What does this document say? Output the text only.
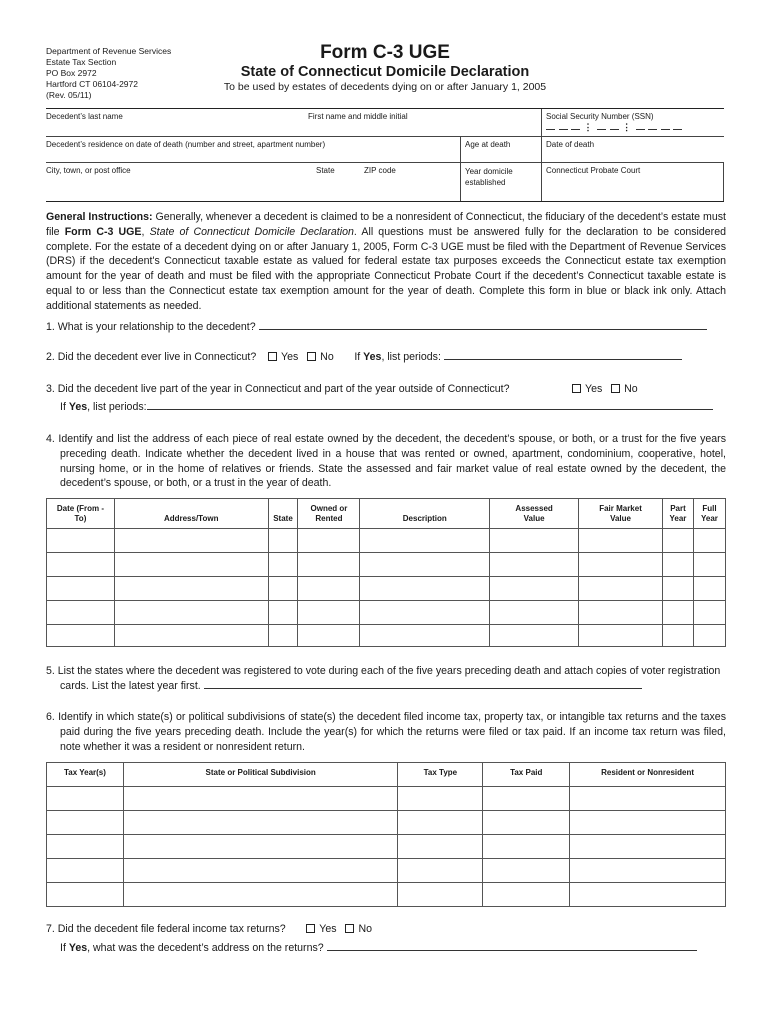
Department of Revenue Services
Estate Tax Section
PO Box 2972
Hartford CT 06104-2972
(Rev. 05/11)
Form C-3 UGE
State of Connecticut Domicile Declaration
To be used by estates of decedents dying on or after January 1, 2005
Decedent’s last name	First name and middle initial	Social Security Number (SSN)
⋮	⋮
Decedent’s residence on date of death (number and street, apartment number)	Age at death	Date of death
City, town, or post office	State	ZIP code	Year domicile established
Connecticut Probate Court
General Instructions: Generally, whenever a decedent is claimed to be a nonresident of Connecticut, the fiduciary of the decedent’s estate must file Form C-3 UGE, State of Connecticut Domicile Declaration. All questions must be answered fully for the declaration to be considered complete. For the estate of a decedent dying on or after January 1, 2005, Form C-3 UGE must be filed with the Department of Revenue Services (DRS) if the decedent's Connecticut taxable estate as valued for federal estate tax purposes exceeds the Connecticut estate tax exemption amount for the year of death and must be filed with the appropriate Connecticut Probate Court if the decedent’s Connecticut taxable estate is equal to or less than the Connecticut estate tax exemption amount for the year of death. Complete this form in blue or black ink only. Attach additional statements as needed.
1. What is your relationship to the decedent?
2. Did the decedent ever live in Connecticut? Yes No If Yes, list periods:
3. Did the decedent live part of the year in Connecticut and part of the year outside of Connecticut?	Yes No
If Yes, list periods:
4. Identify and list the address of each piece of real estate owned by the decedent, the decedent’s spouse, or both, or a trust for the five years preceding death. Indicate whether the decedent lived in a house that was rented or owned, apartment, condominium, cooperative, hotel, nursing home, or in the home of relatives or friends. State the assessed and fair market value of real estate owned by the decedent, the decedent’s spouse, or both, or a trust in the year of death.
Date (From - To)	Address/Town	State	Owned or Rented	Description	Assessed Value	Fair Market Value	Part Year	Full Year

5. List the states where the decedent was registered to vote during each of the five years preceding death and attach copies of voter registration cards. List the latest year first.
6. Identify in which state(s) or political subdivisions of state(s) the decedent filed income tax, property tax, or intangible tax returns and the taxes paid during the five years preceding death. Include the year(s) for which the returns were filed or tax paid. If an income tax return was filed, note whether it was a resident or nonresident return.
Tax Year(s)	State or Political Subdivision	Tax Type	Tax Paid	Resident or Nonresident

7. Did the decedent file federal income tax returns?	Yes No
If Yes, what was the decedent’s address on the returns?
